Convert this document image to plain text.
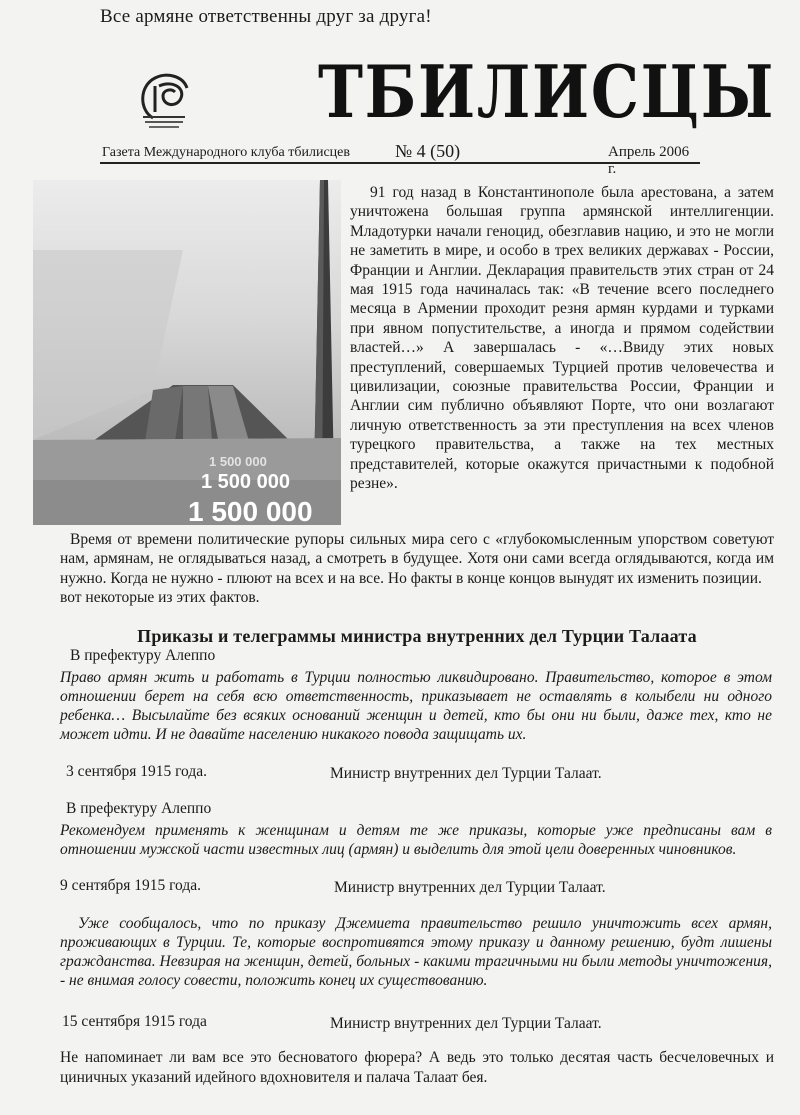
Все армяне ответственны друг за друга!
ТБИЛИСЦЫ
Газета Международного клуба тбилисцев	№ 4 (50)	Апрель 2006 г.
1 500 000
1 500 000
1 500 000

91 год назад в Константинополе была арестована, а затем уничтожена большая группа армянской интеллигенции. Младотурки начали геноцид, обезглавив нацию, и это не могли не заметить в мире, и особо в трех великих державах - России, Франции и Англии. Декларация правительств этих стран от 24 мая 1915 года начиналась так: «В течение всего последнего месяца в Армении проходит резня армян курдами и турками при явном попустительстве, а иногда и прямом содействии властей…» А завершалась - «…Ввиду этих новых преступлений, совершаемых Турцией против человечества и цивилизации, союзные правительства России, Франции и Англии сим публично объявляют Порте, что они возлагают личную ответственность за эти преступления на всех членов турецкого правительства, а также на тех местных представителей, которые окажутся причастными к подобной резне».

Время от времени политические рупоры сильных мира сего с «глубокомысленным упорством советуют нам, армянам, не оглядываться назад, а смотреть в будущее. Хотя они сами всегда оглядываются, когда им нужно. Когда не нужно - плюют на всех и на все. Но факты в конце концов вынудят их изменить позиции.

вот некоторые из этих фактов.

Приказы и телеграммы министра внутренних дел Турции Талаата
В префектуру Алеппо
Право армян жить и работать в Турции полностью ликвидировано. Правительство, которое в этом отношении берет на себя всю ответственность, приказывает не оставлять в колыбели ни одного ребенка… Высылайте без всяких оснований женщин и детей, кто бы они ни были, даже тех, кто не может идти. И не давайте населению никакого повода защищать их.
3 сентября 1915 года.	Министр внутренних дел Турции Талаат.
В префектуру Алеппо
Рекомендуем применять к женщинам и детям те же приказы, которые уже предписаны вам в отношении мужской части известных лиц (армян) и выделить для этой цели доверенных чиновников.
9 сентября 1915 года.	Министр внутренних дел Турции Талаат.
Уже сообщалось, что по приказу Джемиета правительство решило уничтожить всех армян, проживающих в Турции. Те, которые воспротивятся этому приказу и данному решению, будт лишены гражданства. Невзирая на женщин, детей, больных - какими трагичными ни были методы уничтожения, - не внимая голосу совести, положить конец их существованию.
15 сентября 1915 года	Министр внутренних дел Турции Талаат.

Не напоминает ли вам все это бесноватого фюрера? А ведь это только десятая часть бесчеловечных и циничных указаний идейного вдохновителя и палача Талаат бея.
